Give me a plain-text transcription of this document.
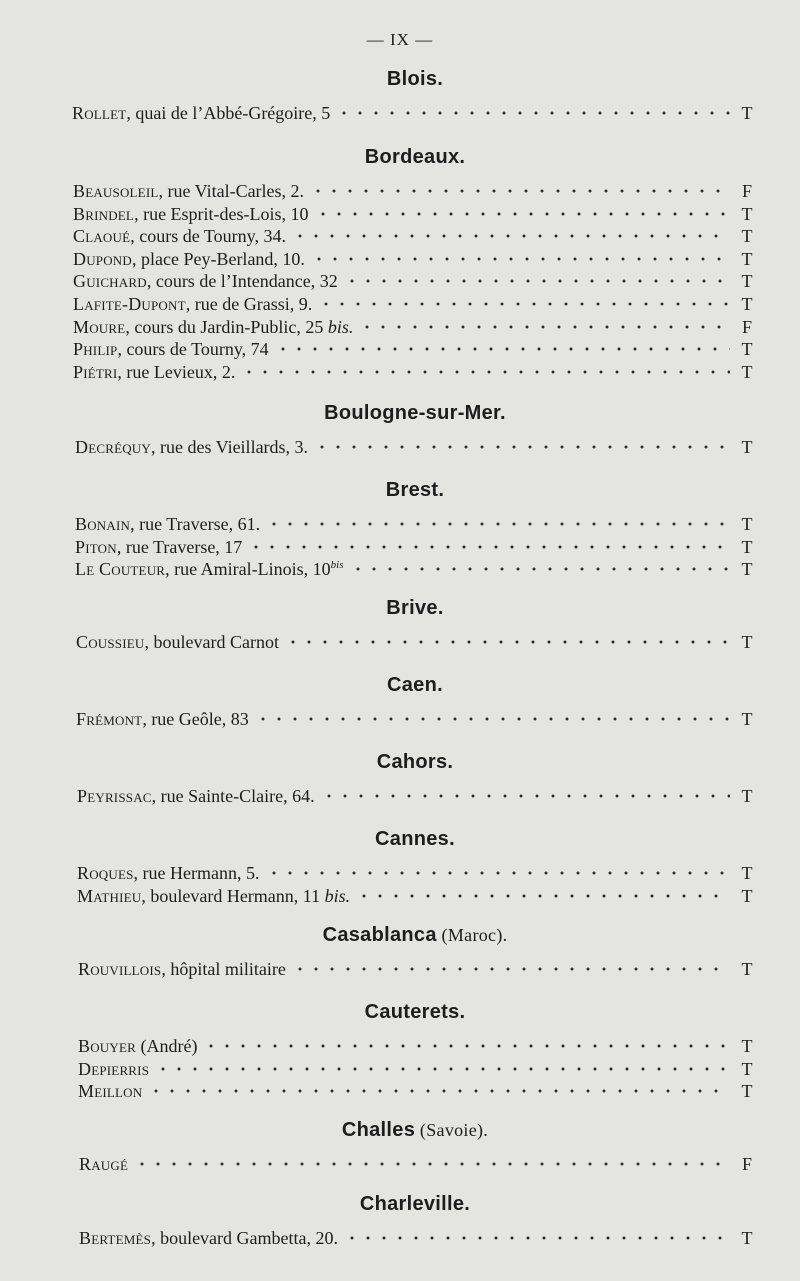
— IX —
Blois.
Rollet, quai de l’Abbé-Grégoire, 5	T
Bordeaux.
Beausoleil, rue Vital-Carles, 2.	F
Brindel, rue Esprit-des-Lois, 10	T
Claoué, cours de Tourny, 34.	T
Dupond, place Pey-Berland, 10.	T
Guichard, cours de l’Intendance, 32	T
Lafite-Dupont, rue de Grassi, 9.	T
Moure, cours du Jardin-Public, 25 bis.	F
Philip, cours de Tourny, 74	T
Piétri, rue Levieux, 2.	T
Boulogne-sur-Mer.
Decréquy, rue des Vieillards, 3.	T
Brest.
Bonain, rue Traverse, 61.	T
Piton, rue Traverse, 17	T
Le Couteur, rue Amiral-Linois, $10^{bis}$	T
Brive.
Coussieu, boulevard Carnot	T
Caen.
Frémont, rue Geôle, 83	T
Cahors.
Peyrissac, rue Sainte-Claire, 64.	T
Cannes.
Roques, rue Hermann, 5.	T
Mathieu, boulevard Hermann, 11 bis.	T
Casablanca (Maroc).
Rouvillois, hôpital militaire	T
Cauterets.
Bouyer (André)	T
Depierris	T
Meillon	T
Challes (Savoie).
Raugé	F
Charleville.
Bertemès, boulevard Gambetta, 20.	T
